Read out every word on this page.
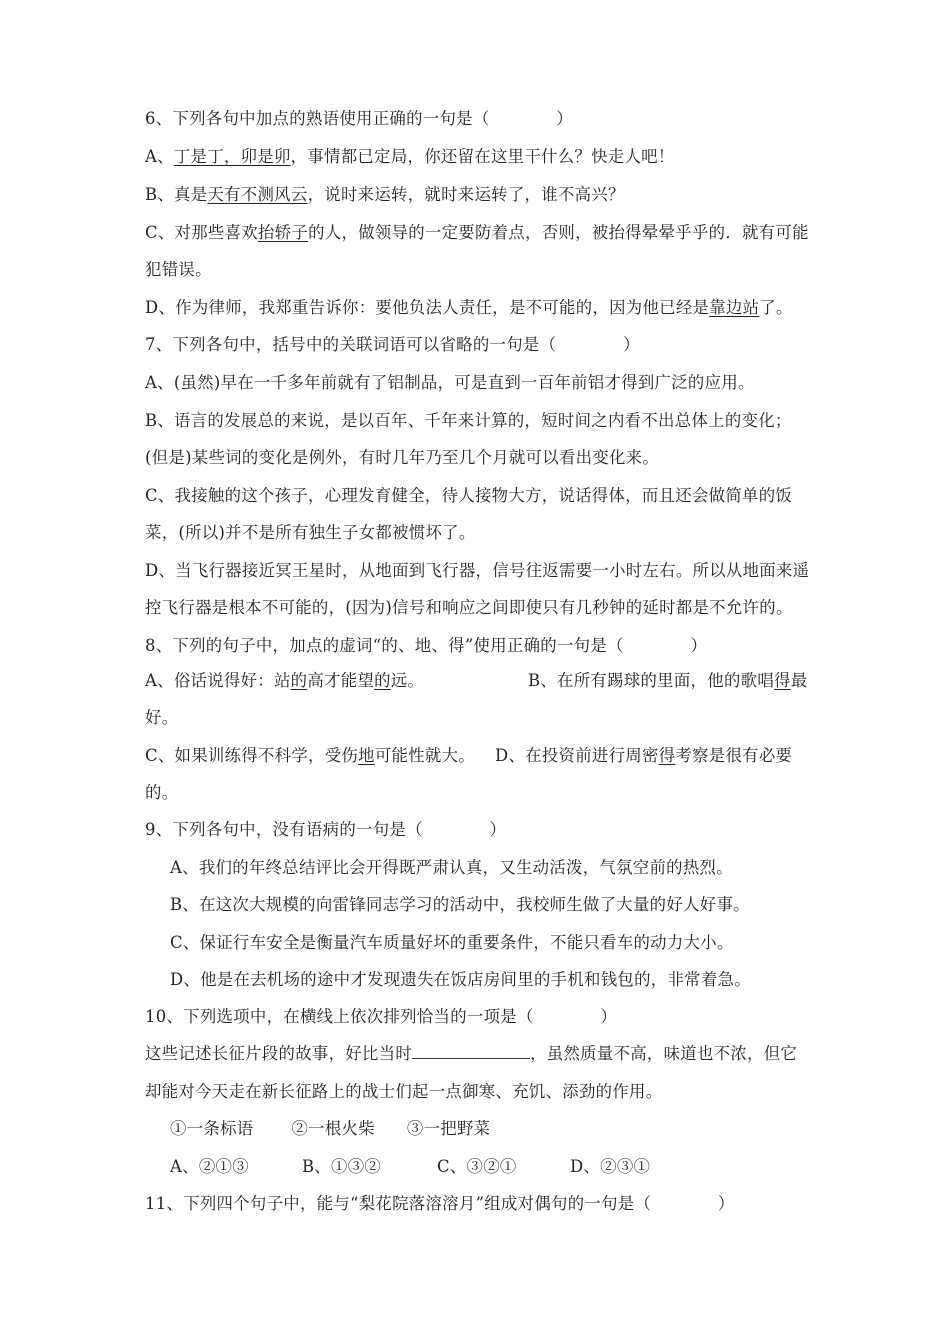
6、下列各句中加点的熟语使用正确的一句是（　　　　）
A、丁是丁，卯是卯，事情都已定局，你还留在这里干什么？快走人吧！
B、真是天有不测风云，说时来运转，就时来运转了，谁不高兴？
C、对那些喜欢抬轿子的人，做领导的一定要防着点，否则，被抬得晕晕乎乎的．就有可能
犯错误。
D、作为律师，我郑重告诉你：要他负法人责任，是不可能的，因为他已经是靠边站了。
7、下列各句中，括号中的关联词语可以省略的一句是（　　　　）
A、(虽然)早在一千多年前就有了铝制品，可是直到一百年前铝才得到广泛的应用。
B、语言的发展总的来说，是以百年、千年来计算的，短时间之内看不出总体上的变化；
(但是)某些词的变化是例外，有时几年乃至几个月就可以看出变化来。
C、我接触的这个孩子，心理发育健全，待人接物大方，说话得体，而且还会做简单的饭
菜，(所以)并不是所有独生子女都被惯坏了。
D、当飞行器接近冥王星时，从地面到飞行器，信号往返需要一小时左右。所以从地面来遥
控飞行器是根本不可能的，(因为)信号和响应之间即使只有几秒钟的延时都是不允许的。
8、下列的句子中，加点的虚词“的、地、得”使用正确的一句是（　　　　）
A、俗话说得好：站的高才能望的远。	B、在所有踢球的里面，他的歌唱得最
好。
C、如果训练得不科学，受伤地可能性就大。 D、在投资前进行周密得考察是很有必要
的。
9、下列各句中，没有语病的一句是（　　　　）
A、我们的年终总结评比会开得既严肃认真，又生动活泼，气氛空前的热烈。
B、在这次大规模的向雷锋同志学习的活动中，我校师生做了大量的好人好事。
C、保证行车安全是衡量汽车质量好坏的重要条件，不能只看车的动力大小。
D、他是在去机场的途中才发现遗失在饭店房间里的手机和钱包的，非常着急。
10、下列选项中，在横线上依次排列恰当的一项是（　　　　）
这些记述长征片段的故事，好比当时	，虽然质量不高，味道也不浓，但它
却能对今天走在新长征路上的战士们起一点御寒、充饥、添劲的作用。
①一条标语 ②一根火柴 ③一把野菜
A、②①③	B、①③②	C、③②①	D、②③①
11、下列四个句子中，能与“梨花院落溶溶月”组成对偶句的一句是（　　　　）
